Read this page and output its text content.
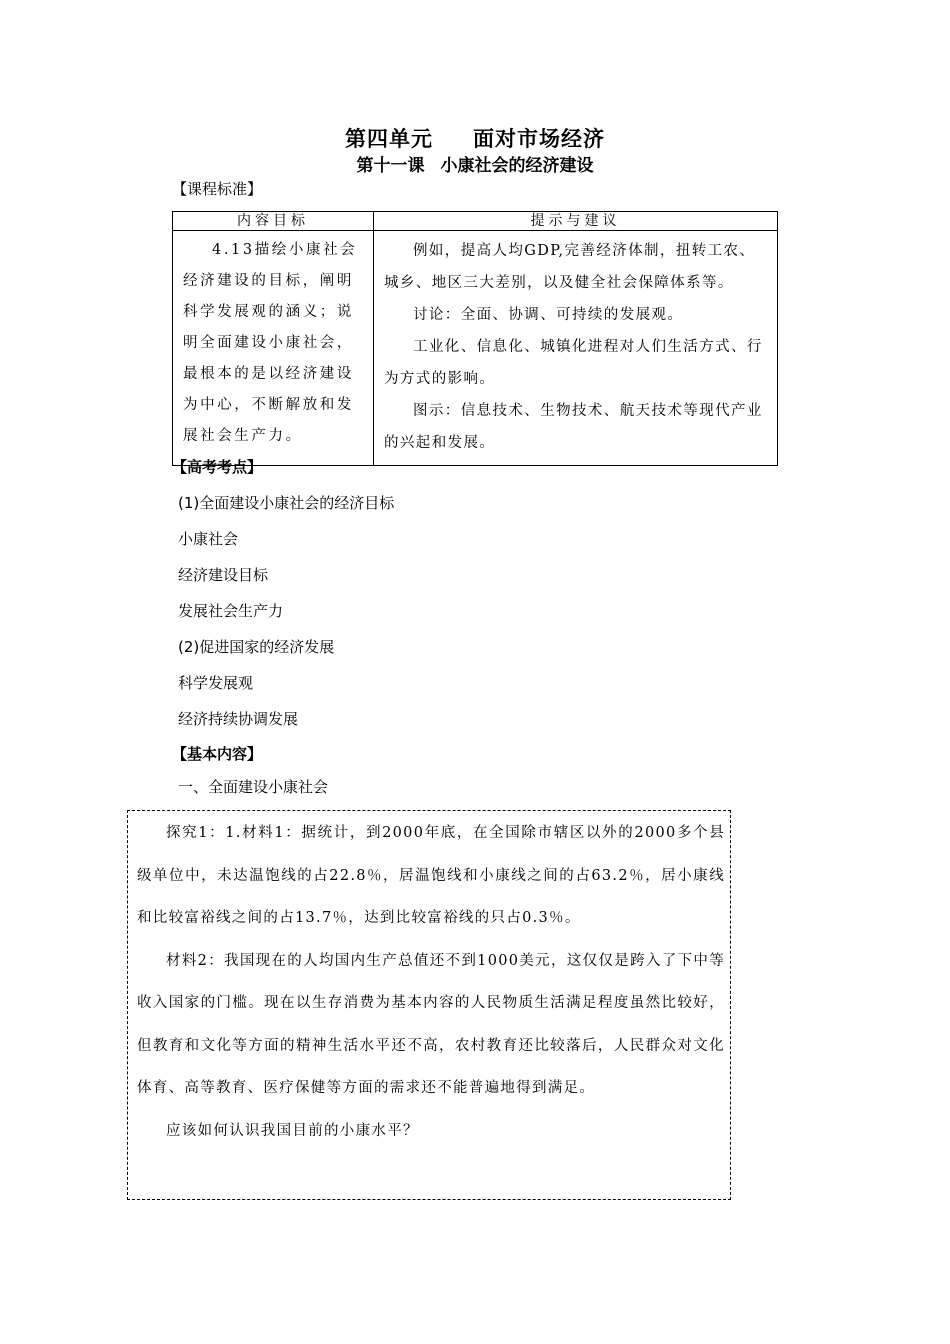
第四单元 面对市场经济
第十一课 小康社会的经济建设
【课程标准】
内容目标	提示与建议

4.13描绘小康社会经济建设的目标，阐明科学发展观的涵义；说明全面建设小康社会，最根本的是以经济建设为中心，不断解放和发展社会生产力。	例如，提高人均GDP,完善经济体制，扭转工农、城乡、地区三大差别，以及健全社会保障体系等。

讨论：全面、协调、可持续的发展观。

工业化、信息化、城镇化进程对人们生活方式、行为方式的影响。

图示：信息技术、生物技术、航天技术等现代产业的兴起和发展。

【高考考点】
(1)全面建设小康社会的经济目标
小康社会
经济建设目标
发展社会生产力
(2)促进国家的经济发展
科学发展观
经济持续协调发展
【基本内容】
一、全面建设小康社会

探究1：1.材料1：据统计，到2000年底，在全国除市辖区以外的2000多个县级单位中，未达温饱线的占22.8％，居温饱线和小康线之间的占63.2％，居小康线和比较富裕线之间的占13.7％，达到比较富裕线的只占0.3％。

材料2：我国现在的人均国内生产总值还不到1000美元，这仅仅是跨入了下中等收入国家的门槛。现在以生存消费为基本内容的人民物质生活满足程度虽然比较好，但教育和文化等方面的精神生活水平还不高，农村教育还比较落后，人民群众对文化体育、高等教育、医疗保健等方面的需求还不能普遍地得到满足。

应该如何认识我国目前的小康水平？
